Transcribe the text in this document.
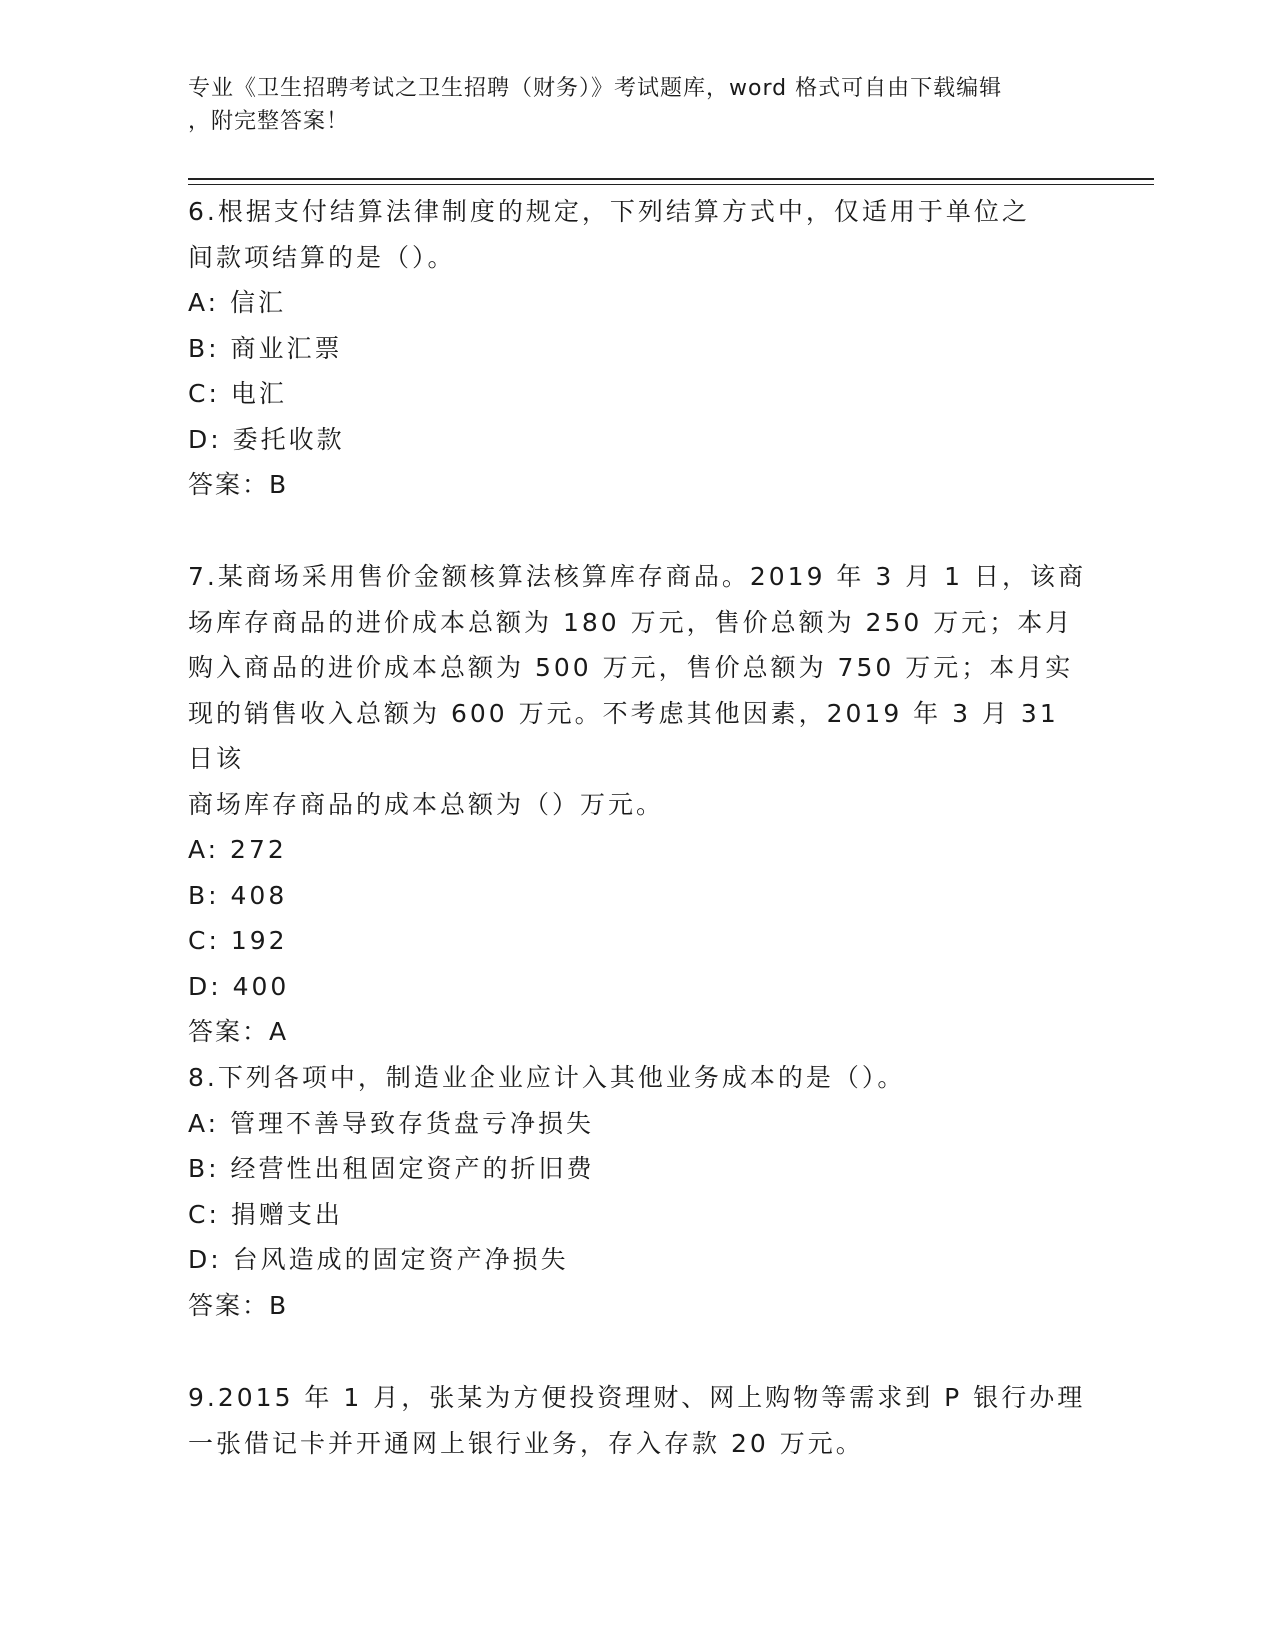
专业《卫生招聘考试之卫生招聘（财务）》考试题库，word 格式可自由下载编辑
，附完整答案！
6.根据支付结算法律制度的规定，下列结算方式中，仅适用于单位之
间款项结算的是（）。
A: 信汇
B: 商业汇票
C: 电汇
D: 委托收款
答案：B
7.某商场采用售价金额核算法核算库存商品。2019 年 3 月 1 日，该商
场库存商品的进价成本总额为 180 万元，售价总额为 250 万元；本月
购入商品的进价成本总额为 500 万元，售价总额为 750 万元；本月实
现的销售收入总额为 600 万元。不考虑其他因素，2019 年 3 月 31 日该
商场库存商品的成本总额为（）万元。
A: 272
B: 408
C: 192
D: 400
答案：A
8.下列各项中，制造业企业应计入其他业务成本的是（）。
A: 管理不善导致存货盘亏净损失
B: 经营性出租固定资产的折旧费
C: 捐赠支出
D: 台风造成的固定资产净损失
答案：B
9.2015 年 1 月，张某为方便投资理财、网上购物等需求到 P 银行办理
一张借记卡并开通网上银行业务，存入存款 20 万元。
